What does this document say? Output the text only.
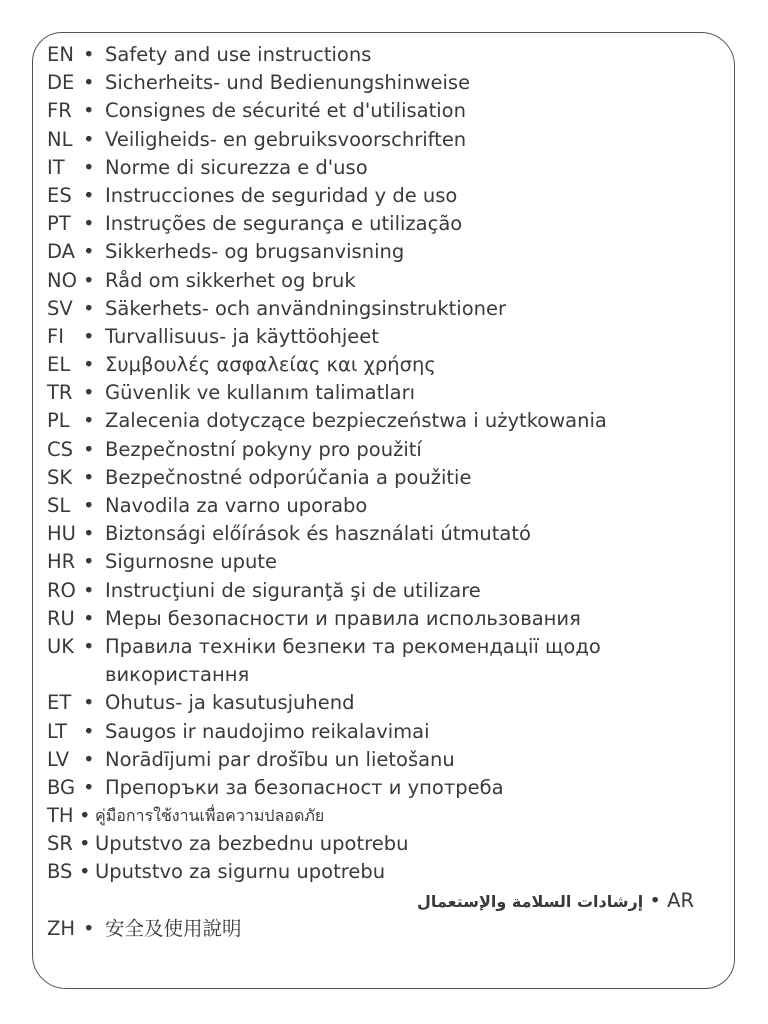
EN • Safety and use instructions
DE • Sicherheits- und Bedienungshinweise
FR • Consignes de sécurité et d'utilisation
NL • Veiligheids- en gebruiksvoorschriften
IT • Norme di sicurezza e d'uso
ES • Instrucciones de seguridad y de uso
PT • Instruções de segurança e utilização
DA • Sikkerheds- og brugsanvisning
NO • Råd om sikkerhet og bruk
SV • Säkerhets- och användningsinstruktioner
FI • Turvallisuus- ja käyttöohjeet
EL • Συμβουλές ασφαλείας και χρήσης
TR • Güvenlik ve kullanım talimatları
PL • Zalecenia dotyczące bezpieczeństwa i użytkowania
CS • Bezpečnostní pokyny pro použití
SK • Bezpečnostné odporúčania a použitie
SL • Navodila za varno uporabo
HU • Biztonsági előírások és használati útmutató
HR • Sigurnosne upute
RO • Instrucţiuni de siguranţă şi de utilizare
RU • Меры безопасности и правила использования
UK • Правила техніки безпеки та рекомендації щодо використання
ET • Ohutus- ja kasutusjuhend
LT • Saugos ir naudojimo reikalavimai
LV • Norādījumi par drošību un lietošanu
BG • Препоръки за безопасност и употреба
TH • คู่มือการใช้งานเพื่อความปลอดภัย
SR • Uputstvo za bezbednu upotrebu
BS • Uputstvo za sigurnu upotrebu
إرشادات السلامة والإستعمال • AR
ZH • 安全及使用說明
